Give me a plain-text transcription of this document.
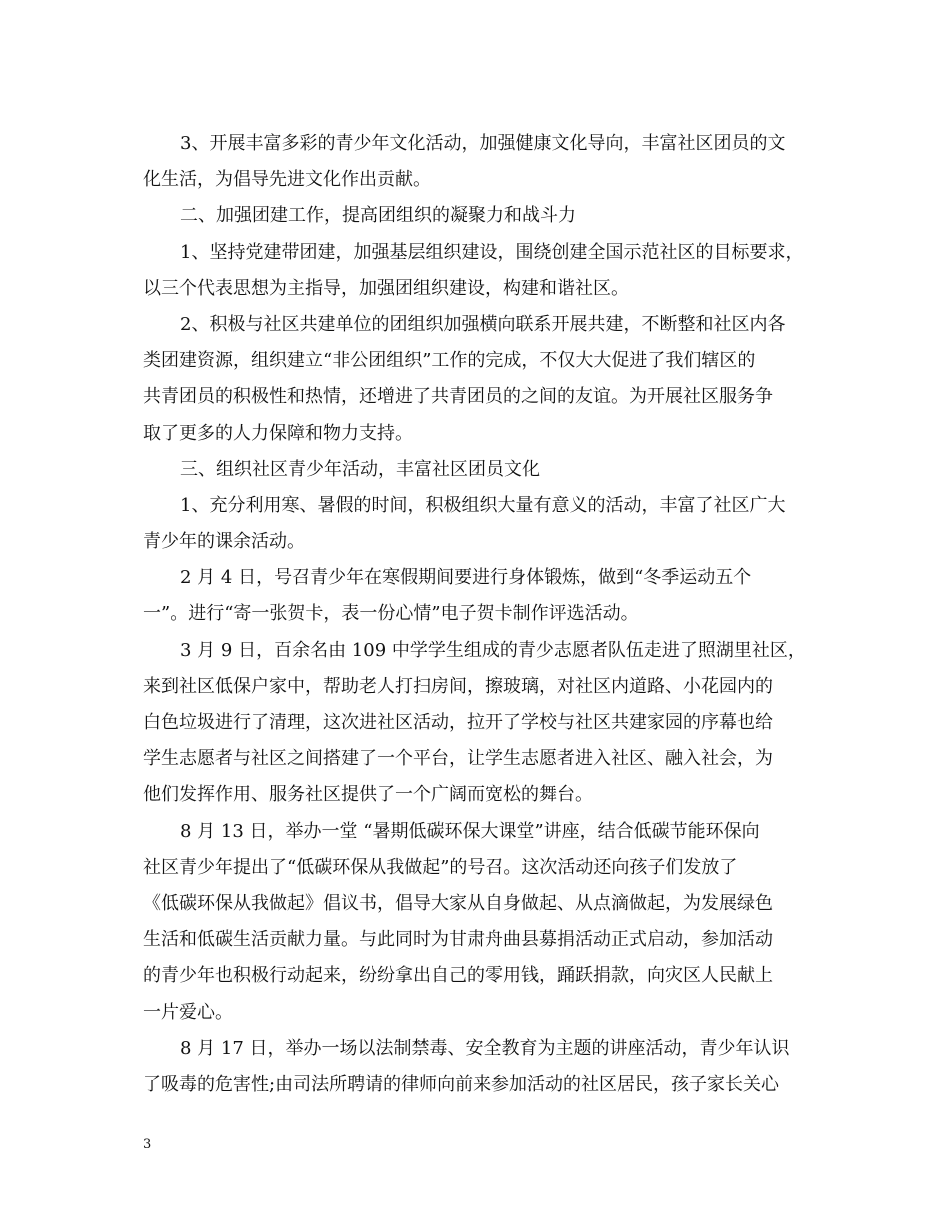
3、开展丰富多彩的青少年文化活动，加强健康文化导向，丰富社区团员的文
化生活，为倡导先进文化作出贡献。
二、加强团建工作，提高团组织的凝聚力和战斗力
1、坚持党建带团建，加强基层组织建设，围绕创建全国示范社区的目标要求，
以三个代表思想为主指导，加强团组织建设，构建和谐社区。
2、积极与社区共建单位的团组织加强横向联系开展共建，不断整和社区内各
类团建资源，组织建立“非公团组织”工作的完成，不仅大大促进了我们辖区的
共青团员的积极性和热情，还增进了共青团员的之间的友谊。为开展社区服务争
取了更多的人力保障和物力支持。
三、组织社区青少年活动，丰富社区团员文化
1、充分利用寒、暑假的时间，积极组织大量有意义的活动，丰富了社区广大
青少年的课余活动。
2 月 4 日，号召青少年在寒假期间要进行身体锻炼，做到“冬季运动五个
一”。进行“寄一张贺卡，表一份心情”电子贺卡制作评选活动。
3 月 9 日，百余名由 109 中学学生组成的青少志愿者队伍走进了照湖里社区，
来到社区低保户家中，帮助老人打扫房间，擦玻璃，对社区内道路、小花园内的
白色垃圾进行了清理，这次进社区活动，拉开了学校与社区共建家园的序幕也给
学生志愿者与社区之间搭建了一个平台，让学生志愿者进入社区、融入社会，为
他们发挥作用、服务社区提供了一个广阔而宽松的舞台。
8 月 13 日，举办一堂 “暑期低碳环保大课堂”讲座，结合低碳节能环保向
社区青少年提出了“低碳环保从我做起”的号召。这次活动还向孩子们发放了
《低碳环保从我做起》倡议书，倡导大家从自身做起、从点滴做起，为发展绿色
生活和低碳生活贡献力量。与此同时为甘肃舟曲县募捐活动正式启动，参加活动
的青少年也积极行动起来，纷纷拿出自己的零用钱，踊跃捐款，向灾区人民献上
一片爱心。
8 月 17 日，举办一场以法制禁毒、安全教育为主题的讲座活动，青少年认识
了吸毒的危害性;由司法所聘请的律师向前来参加活动的社区居民，孩子家长关心
3
